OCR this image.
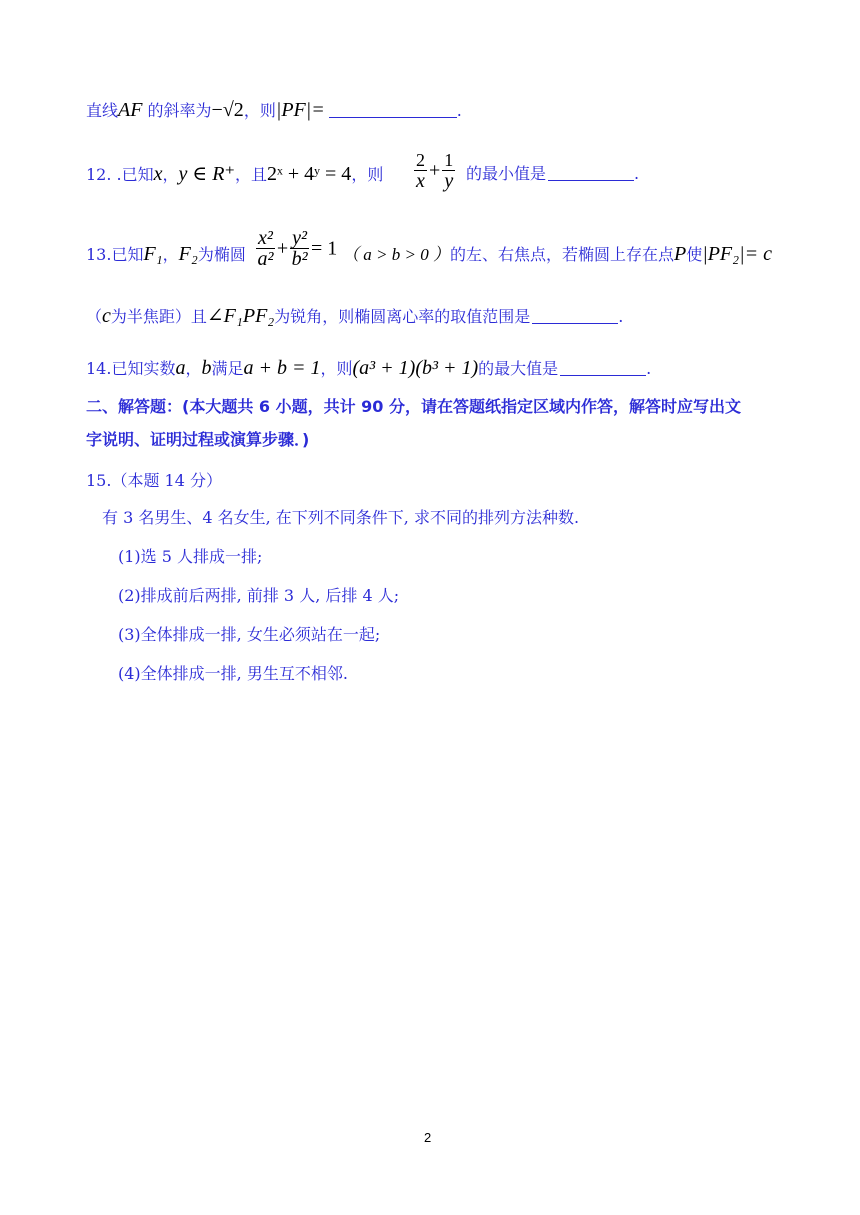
直线AF 的斜率为−√2，则|PF|=	.
12. .已知x，y ∈ R⁺，且2ˣ + 4ʸ = 4，则 $\frac{2}{x} + \frac{1}{y}$ 的最小值是	.
13.已知F₁，F₂为椭圆 $\frac{\text{x²}}{\text{a²}} + \frac{\text{y²}}{\text{b²}} = 1$ （ a > b > 0 ）的左、右焦点，若椭圆上存在点P使|PF₂|= c
（c为半焦距）且∠F₁PF₂为锐角，则椭圆离心率的取值范围是	.
14.已知实数a，b满足a + b = 1，则(a³ + 1)(b³ + 1)的最大值是	.
二、解答题：(本大题共 6 小题，共计 90 分，请在答题纸指定区域内作答，解答时应写出文
字说明、证明过程或演算步骤．)
15.（本题 14 分）
有 3 名男生、4 名女生, 在下列不同条件下, 求不同的排列方法种数.
(1)选 5 人排成一排;
(2)排成前后两排, 前排 3 人, 后排 4 人;
(3)全体排成一排, 女生必须站在一起;
(4)全体排成一排, 男生互不相邻.
2
